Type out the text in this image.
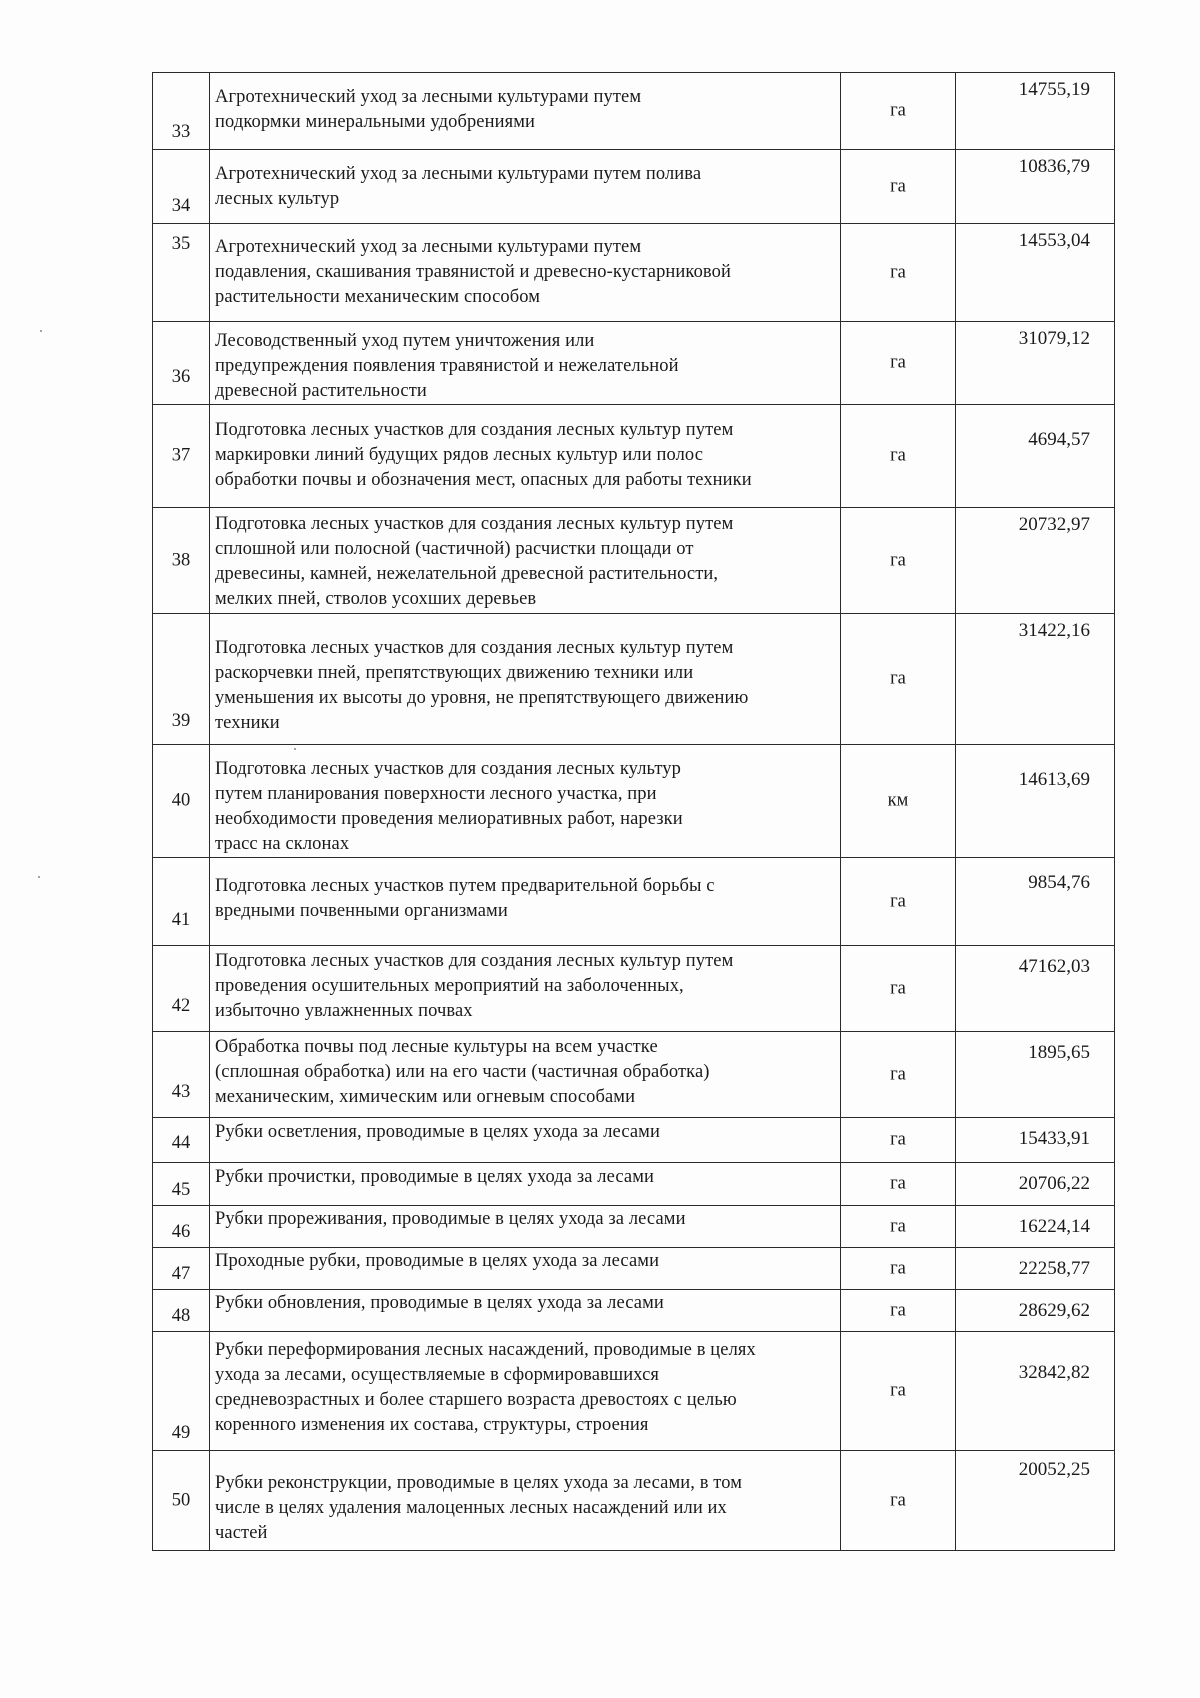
33	Агротехнический уход за лесными культурами путем
подкормки минеральными удобрениями	га	14755,19

34	Агротехнический уход за лесными культурами путем полива
лесных культур	га	10836,79

35	Агротехнический уход за лесными культурами путем
подавления, скашивания травянистой и древесно-кустарниковой
растительности механическим способом	га	14553,04

36	Лесоводственный уход путем уничтожения или
предупреждения появления травянистой и нежелательной
древесной растительности	га	31079,12

37	Подготовка лесных участков для создания лесных культур путем
маркировки линий будущих рядов лесных культур или полос
обработки почвы и обозначения мест, опасных для работы техники	га	4694,57

38	Подготовка лесных участков для создания лесных культур путем
сплошной или полосной (частичной) расчистки площади от
древесины, камней, нежелательной древесной растительности,
мелких пней, стволов усохших деревьев	га	20732,97

39	Подготовка лесных участков для создания лесных культур путем
раскорчевки пней, препятствующих движению техники или
уменьшения их высоты до уровня, не препятствующего движению
техники	га	31422,16

40	Подготовка лесных участков для создания лесных культур
путем планирования поверхности лесного участка, при
необходимости проведения мелиоративных работ, нарезки
трасс на склонах	км	14613,69

41	Подготовка лесных участков путем предварительной борьбы с
вредными почвенными организмами	га	9854,76

42	Подготовка лесных участков для создания лесных культур путем
проведения осушительных мероприятий на заболоченных,
избыточно увлажненных почвах	га	47162,03

43	Обработка почвы под лесные культуры на всем участке
(сплошная обработка) или на его части (частичная обработка)
механическим, химическим или огневым способами	га	1895,65

44	Рубки осветления, проводимые в целях ухода за лесами	га	15433,91

45	Рубки прочистки, проводимые в целях ухода за лесами	га	20706,22

46	Рубки прореживания, проводимые в целях ухода за лесами	га	16224,14

47	Проходные рубки, проводимые в целях ухода за лесами	га	22258,77

48	Рубки обновления, проводимые в целях ухода за лесами	га	28629,62

49	Рубки переформирования лесных насаждений, проводимые в целях
ухода за лесами, осуществляемые в сформировавшихся
средневозрастных и более старшего возраста древостоях с целью
коренного изменения их состава, структуры, строения	га	32842,82

50	Рубки реконструкции, проводимые в целях ухода за лесами, в том
числе в целях удаления малоценных лесных насаждений или их
частей	га	20052,25
